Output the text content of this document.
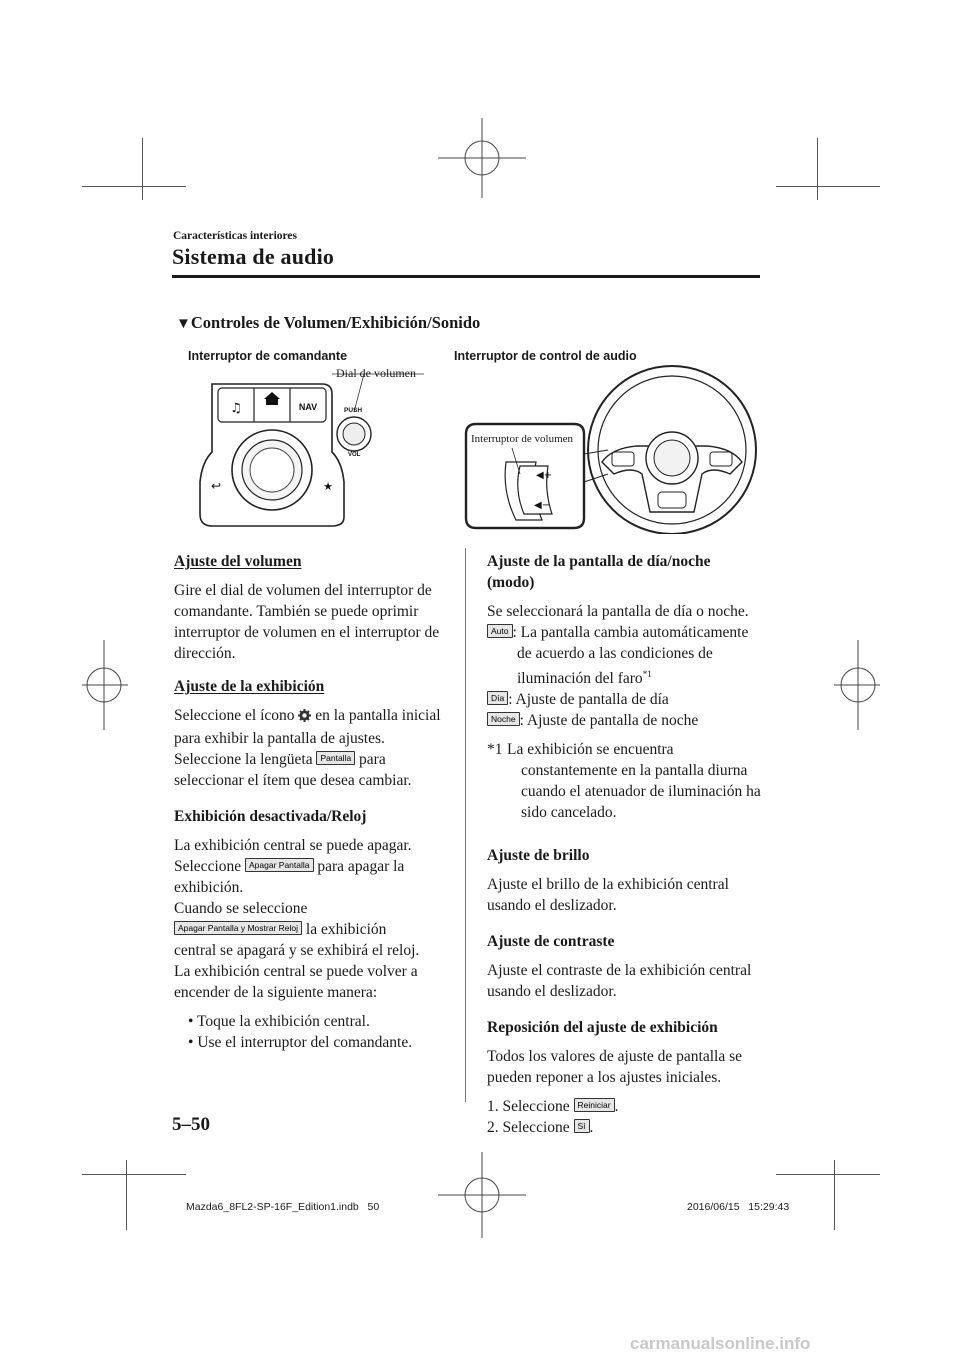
Características interiores
Sistema de audio
▼Controles de Volumen/Exhibición/Sonido
Interruptor de comandante	Interruptor de control de audio
♫	NAV
↩	★
PUSH
VOL
Dial de volumen
◀+
◀−
Interruptor de volumen
Ajuste del volumen
Gire el dial de volumen del interruptor de
comandante. También se puede oprimir
interruptor de volumen en el interruptor de
dirección.
Ajuste de la exhibición
Seleccione el ícono en la pantalla inicial
para exhibir la pantalla de ajustes.
Seleccione la lengüeta Pantalla para
seleccionar el ítem que desea cambiar.
Exhibición desactivada/Reloj
La exhibición central se puede apagar.
Seleccione Apagar Pantalla para apagar la
exhibición.
Cuando se seleccione
Apagar Pantalla y Mostrar Reloj la exhibición
central se apagará y se exhibirá el reloj.
La exhibición central se puede volver a
encender de la siguiente manera:
• Toque la exhibición central.
• Use el interruptor del comandante.
Ajuste de la pantalla de día/noche
(modo)
Se seleccionará la pantalla de día o noche.
Auto : La pantalla cambia automáticamente
de acuerdo a las condiciones de
iluminación del faro$^{*1}$
Día : Ajuste de pantalla de día
Noche : Ajuste de pantalla de noche
*1 La exhibición se encuentra
constantemente en la pantalla diurna
cuando el atenuador de iluminación ha
sido cancelado.
Ajuste de brillo
Ajuste el brillo de la exhibición central
usando el deslizador.
Ajuste de contraste
Ajuste el contraste de la exhibición central
usando el deslizador.
Reposición del ajuste de exhibición
Todos los valores de ajuste de pantalla se
pueden reponer a los ajustes iniciales.
1. Seleccione Reiniciar .
2. Seleccione Sí .
5–50
Mazda6_8FL2-SP-16F_Edition1.indb   50	2016/06/15   15:29:43
carmanualsonline.info
